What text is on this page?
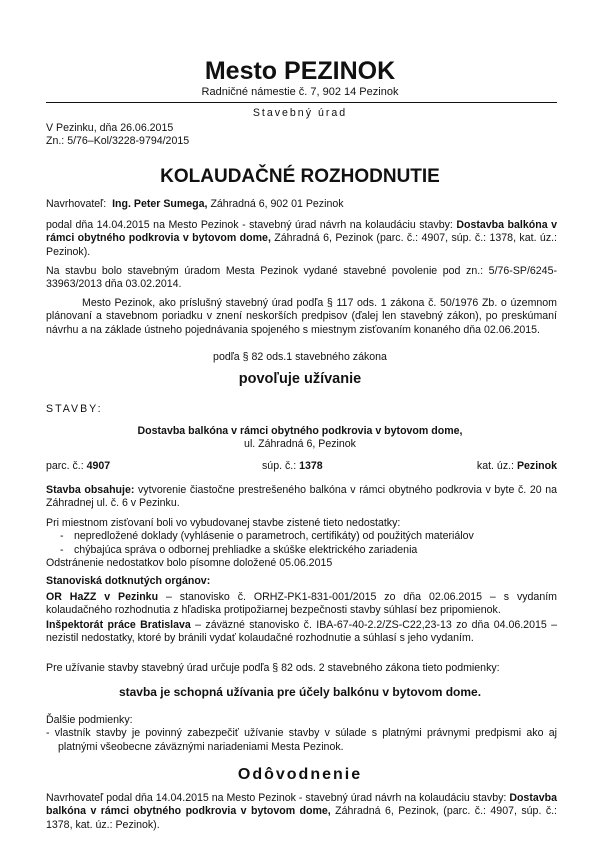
Mesto PEZINOK
Radničné námestie č. 7, 902 14 Pezinok
Stavebný úrad
V Pezinku, dňa 26.06.2015
Zn.: 5/76–Kol/3228-9794/2015
KOLAUDAČNÉ ROZHODNUTIE
Navrhovateľ: Ing. Peter Sumega, Záhradná 6, 902 01 Pezinok
podal dňa 14.04.2015 na Mesto Pezinok - stavebný úrad návrh na kolaudáciu stavby: Dostavba balkóna v rámci obytného podkrovia v bytovom dome, Záhradná 6, Pezinok (parc. č.: 4907, súp. č.: 1378, kat. úz.: Pezinok).
Na stavbu bolo stavebným úradom Mesta Pezinok vydané stavebné povolenie pod zn.: 5/76-SP/6245-33963/2013 dňa 03.02.2014.
Mesto Pezinok, ako príslušný stavebný úrad podľa § 117 ods. 1 zákona č. 50/1976 Zb. o územnom plánovaní a stavebnom poriadku v znení neskorších predpisov (ďalej len stavebný zákon), po preskúmaní návrhu a na základe ústneho pojednávania spojeného s miestnym zisťovaním konaného dňa 02.06.2015.
podľa § 82 ods.1 stavebného zákona
povoľuje užívanie
STAVBY:
Dostavba balkóna v rámci obytného podkrovia v bytovom dome,
ul. Záhradná 6, Pezinok
parc. č.: 4907	súp. č.: 1378	kat. úz.: Pezinok
Stavba obsahuje: vytvorenie čiastočne prestrešeného balkóna v rámci obytného podkrovia v byte č. 20 na Záhradnej ul. č. 6 v Pezinku.
Pri miestnom zisťovaní boli vo vybudovanej stavbe zistené tieto nedostatky:
- nepredložené doklady (vyhlásenie o parametroch, certifikáty) od použitých materiálov
- chýbajúca správa o odbornej prehliadke a skúške elektrického zariadenia
Odstránenie nedostatkov bolo písomne doložené 05.06.2015
Stanoviská dotknutých orgánov:
OR HaZZ v Pezinku – stanovisko č. ORHZ-PK1-831-001/2015 zo dňa 02.06.2015 – s vydaním kolaudačného rozhodnutia z hľadiska protipožiarnej bezpečnosti stavby súhlasí bez pripomienok.
Inšpektorát práce Bratislava – záväzné stanovisko č. IBA-67-40-2.2/ZS-C22,23-13 zo dňa 04.06.2015 – nezistil nedostatky, ktoré by bránili vydať kolaudačné rozhodnutie a súhlasí s jeho vydaním.
Pre užívanie stavby stavebný úrad určuje podľa § 82 ods. 2 stavebného zákona tieto podmienky:
stavba je schopná užívania pre účely balkónu v bytovom dome.
Ďalšie podmienky:
- vlastník stavby je povinný zabezpečiť užívanie stavby v súlade s platnými právnymi predpismi ako aj platnými všeobecne záväznými nariadeniami Mesta Pezinok.
Odôvodnenie
Navrhovateľ podal dňa 14.04.2015 na Mesto Pezinok - stavebný úrad návrh na kolaudáciu stavby: Dostavba balkóna v rámci obytného podkrovia v bytovom dome, Záhradná 6, Pezinok, (parc. č.: 4907, súp. č.: 1378, kat. úz.: Pezinok).
